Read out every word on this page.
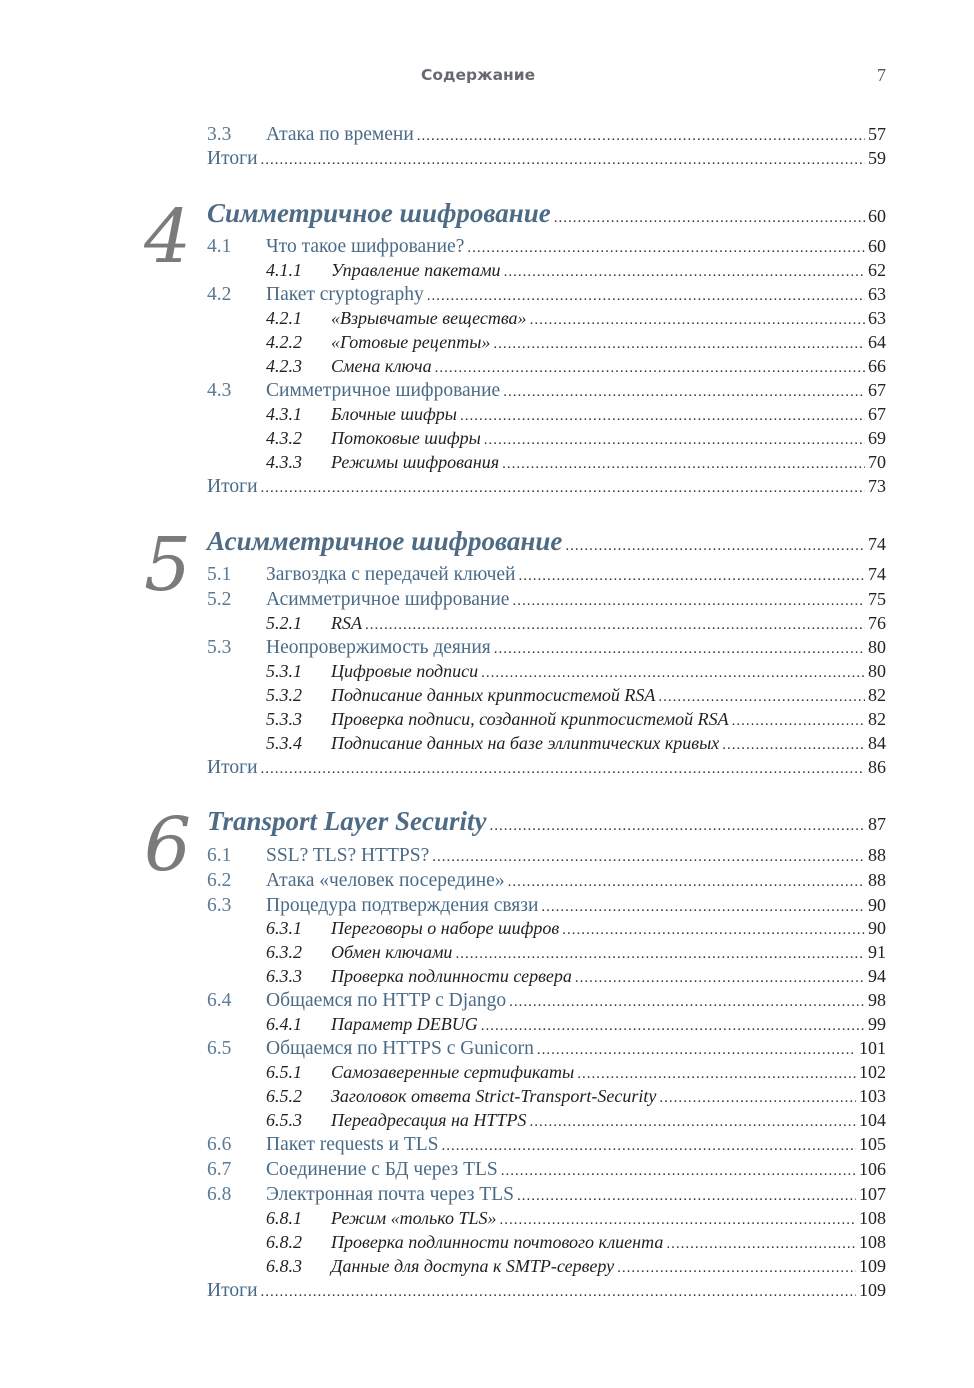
Содержание	7
3.3	Атака по времени .....	57
Итоги .....	59
4 Симметричное шифрование .....	60
4.1	Что такое шифрование? .....	60
4.1.1	Управление пакетами .....	62
4.2	Пакет cryptography .....	63
4.2.1	«Взрывчатые вещества» .....	63
4.2.2	«Готовые рецепты» .....	64
4.2.3	Смена ключа .....	66
4.3	Симметричное шифрование .....	67
4.3.1	Блочные шифры .....	67
4.3.2	Потоковые шифры .....	69
4.3.3	Режимы шифрования .....	70
Итоги .....	73
5 Асимметричное шифрование .....	74
5.1	Загвоздка с передачей ключей .....	74
5.2	Асимметричное шифрование .....	75
5.2.1	RSA .....	76
5.3	Неопровержимость деяния .....	80
5.3.1	Цифровые подписи .....	80
5.3.2	Подписание данных криптосистемой RSA .....	82
5.3.3	Проверка подписи, созданной криптосистемой RSA .....	82
5.3.4	Подписание данных на базе эллиптических кривых .....	84
Итоги .....	86
6 Transport Layer Security .....	87
6.1	SSL? TLS? HTTPS? .....	88
6.2	Атака «человек посередине» .....	88
6.3	Процедура подтверждения связи .....	90
6.3.1	Переговоры о наборе шифров .....	90
6.3.2	Обмен ключами .....	91
6.3.3	Проверка подлинности сервера .....	94
6.4	Общаемся по HTTP с Django .....	98
6.4.1	Параметр DEBUG .....	99
6.5	Общаемся по HTTPS с Gunicorn .....	101
6.5.1	Самозаверенные сертификаты .....	102
6.5.2	Заголовок ответа Strict-Transport-Security .....	103
6.5.3	Переадресация на HTTPS .....	104
6.6	Пакет requests и TLS .....	105
6.7	Соединение с БД через TLS .....	106
6.8	Электронная почта через TLS .....	107
6.8.1	Режим «только TLS» .....	108
6.8.2	Проверка подлинности почтового клиента .....	108
6.8.3	Данные для доступа к SMTP-серверу .....	109
Итоги .....	109
